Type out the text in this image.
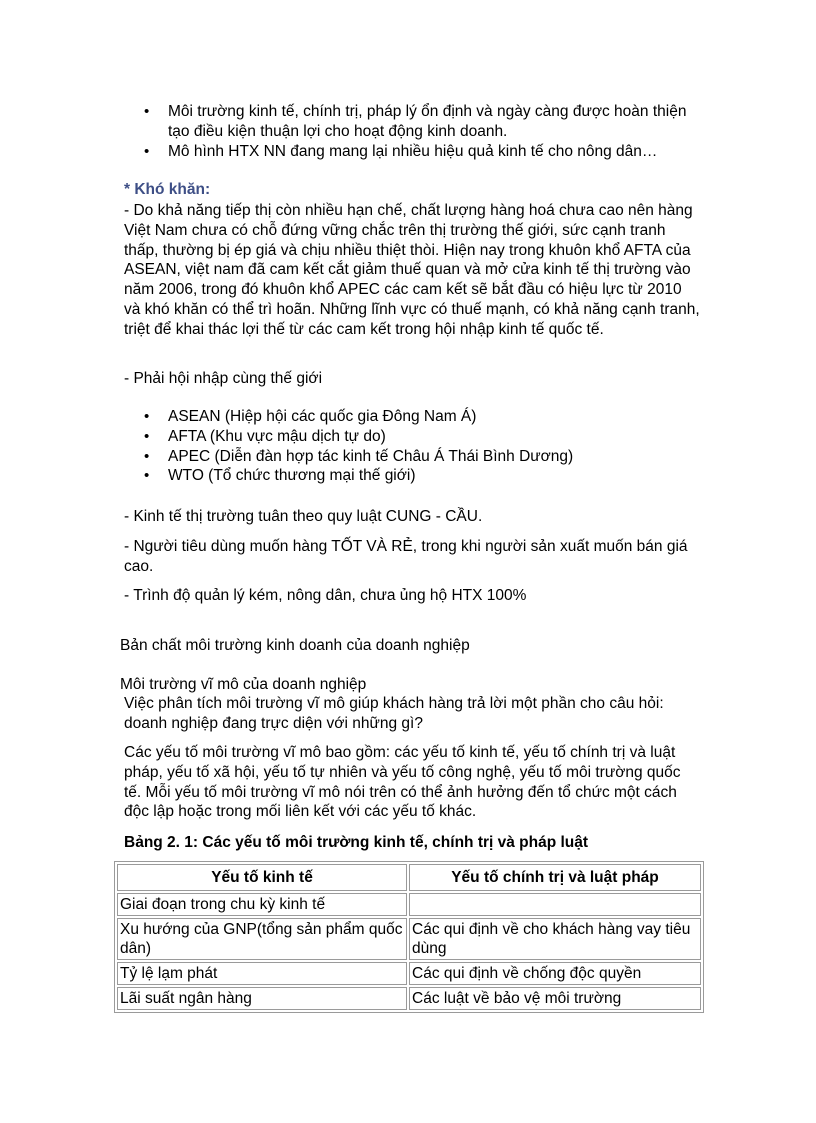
• Môi trường kinh tế, chính trị, pháp lý ổn định và ngày càng được hoàn thiện tạo điều kiện thuận lợi cho hoạt động kinh doanh.
• Mô hình HTX NN đang mang lại nhiều hiệu quả kinh tế cho nông dân…
* Khó khăn:
- Do khả năng tiếp thị còn nhiều hạn chế, chất lượng hàng hoá chưa cao nên hàng Việt Nam chưa có chỗ đứng vững chắc trên thị trường thế giới, sức cạnh tranh thấp, thường bị ép giá và chịu nhiều thiệt thòi. Hiện nay trong khuôn khổ AFTA của ASEAN, việt nam đã cam kết cắt giảm thuế quan và mở cửa kinh tế thị trường vào năm 2006, trong đó khuôn khổ APEC các cam kết sẽ bắt đầu có hiệu lực từ 2010 và khó khăn có thể trì hoãn. Những lĩnh vực có thuế mạnh, có khả năng cạnh tranh, triệt để khai thác lợi thế từ các cam kết trong hội nhập kinh tế quốc tế.
- Phải hội nhập cùng thế giới
• ASEAN (Hiệp hội các quốc gia Đông Nam Á)
• AFTA (Khu vực mậu dịch tự do)
• APEC (Diễn đàn hợp tác kinh tế Châu Á Thái Bình Dương)
• WTO (Tổ chức thương mại thế giới)
- Kinh tế thị trường tuân theo quy luật CUNG - CẦU.
- Người tiêu dùng muốn hàng TỐT VÀ RẺ, trong khi người sản xuất muốn bán giá cao.
- Trình độ quản lý kém, nông dân, chưa ủng hộ HTX 100%
Bản chất môi trường kinh doanh của doanh nghiệp
Môi trường vĩ mô của doanh nghiệp
Việc phân tích môi trường vĩ mô giúp khách hàng trả lời một phần cho câu hỏi: doanh nghiệp đang trực diện với những gì?
Các yếu tố môi trường vĩ mô bao gồm: các yếu tố kinh tế, yếu tố chính trị và luật pháp, yếu tố xã hội, yếu tố tự nhiên và yếu tố công nghệ, yếu tố môi trường quốc tế. Mỗi yếu tố môi trường vĩ mô nói trên có thể ảnh hưởng đến tổ chức một cách độc lập hoặc trong mối liên kết với các yếu tố khác.
Bảng 2. 1: Các yếu tố môi trường kinh tế, chính trị và pháp luật
Yếu tố kinh tế	Yếu tố chính trị và luật pháp
Giai đoạn trong chu kỳ kinh tế	
Xu hướng của GNP(tổng sản phẩm quốc dân)	Các qui định về cho khách hàng vay tiêu dùng
Tỷ lệ lạm phát	Các qui định về chống độc quyền
Lãi suất ngân hàng	Các luật về bảo vệ môi trường
